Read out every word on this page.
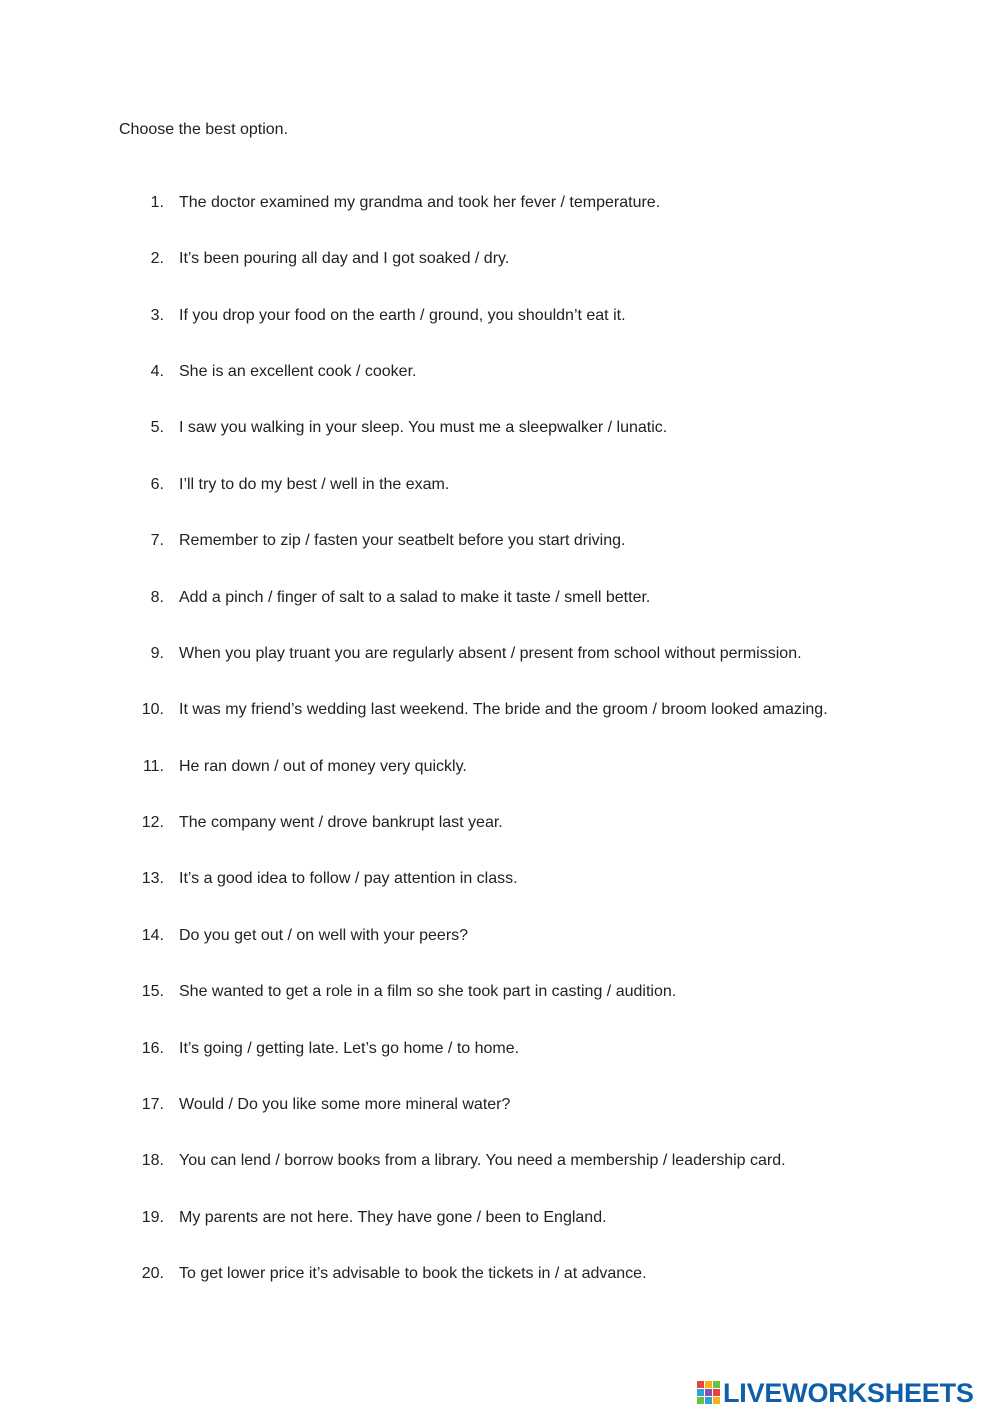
Choose the best option.

1. The doctor examined my grandma and took her fever / temperature.
2. It’s been pouring all day and I got soaked / dry.
3. If you drop your food on the earth / ground, you shouldn’t eat it.
4. She is an excellent cook / cooker.
5. I saw you walking in your sleep. You must me a sleepwalker / lunatic.
6. I’ll try to do my best / well in the exam.
7. Remember to zip / fasten your seatbelt before you start driving.
8. Add a pinch / finger of salt to a salad to make it taste / smell better.
9. When you play truant you are regularly absent / present from school without permission.
10. It was my friend’s wedding last weekend. The bride and the groom / broom looked amazing.
11. He ran down / out of money very quickly.
12. The company went / drove bankrupt last year.
13. It’s a good idea to follow / pay attention in class.
14. Do you get out / on well with your peers?
15. She wanted to get a role in a film so she took part in casting / audition.
16. It’s going / getting late. Let’s go home / to home.
17. Would / Do you like some more mineral water?
18. You can lend / borrow books from a library. You need a membership / leadership card.
19. My parents are not here. They have gone / been to England.
20. To get lower price it’s advisable to book the tickets in / at advance.
LIVEWORKSHEETS
